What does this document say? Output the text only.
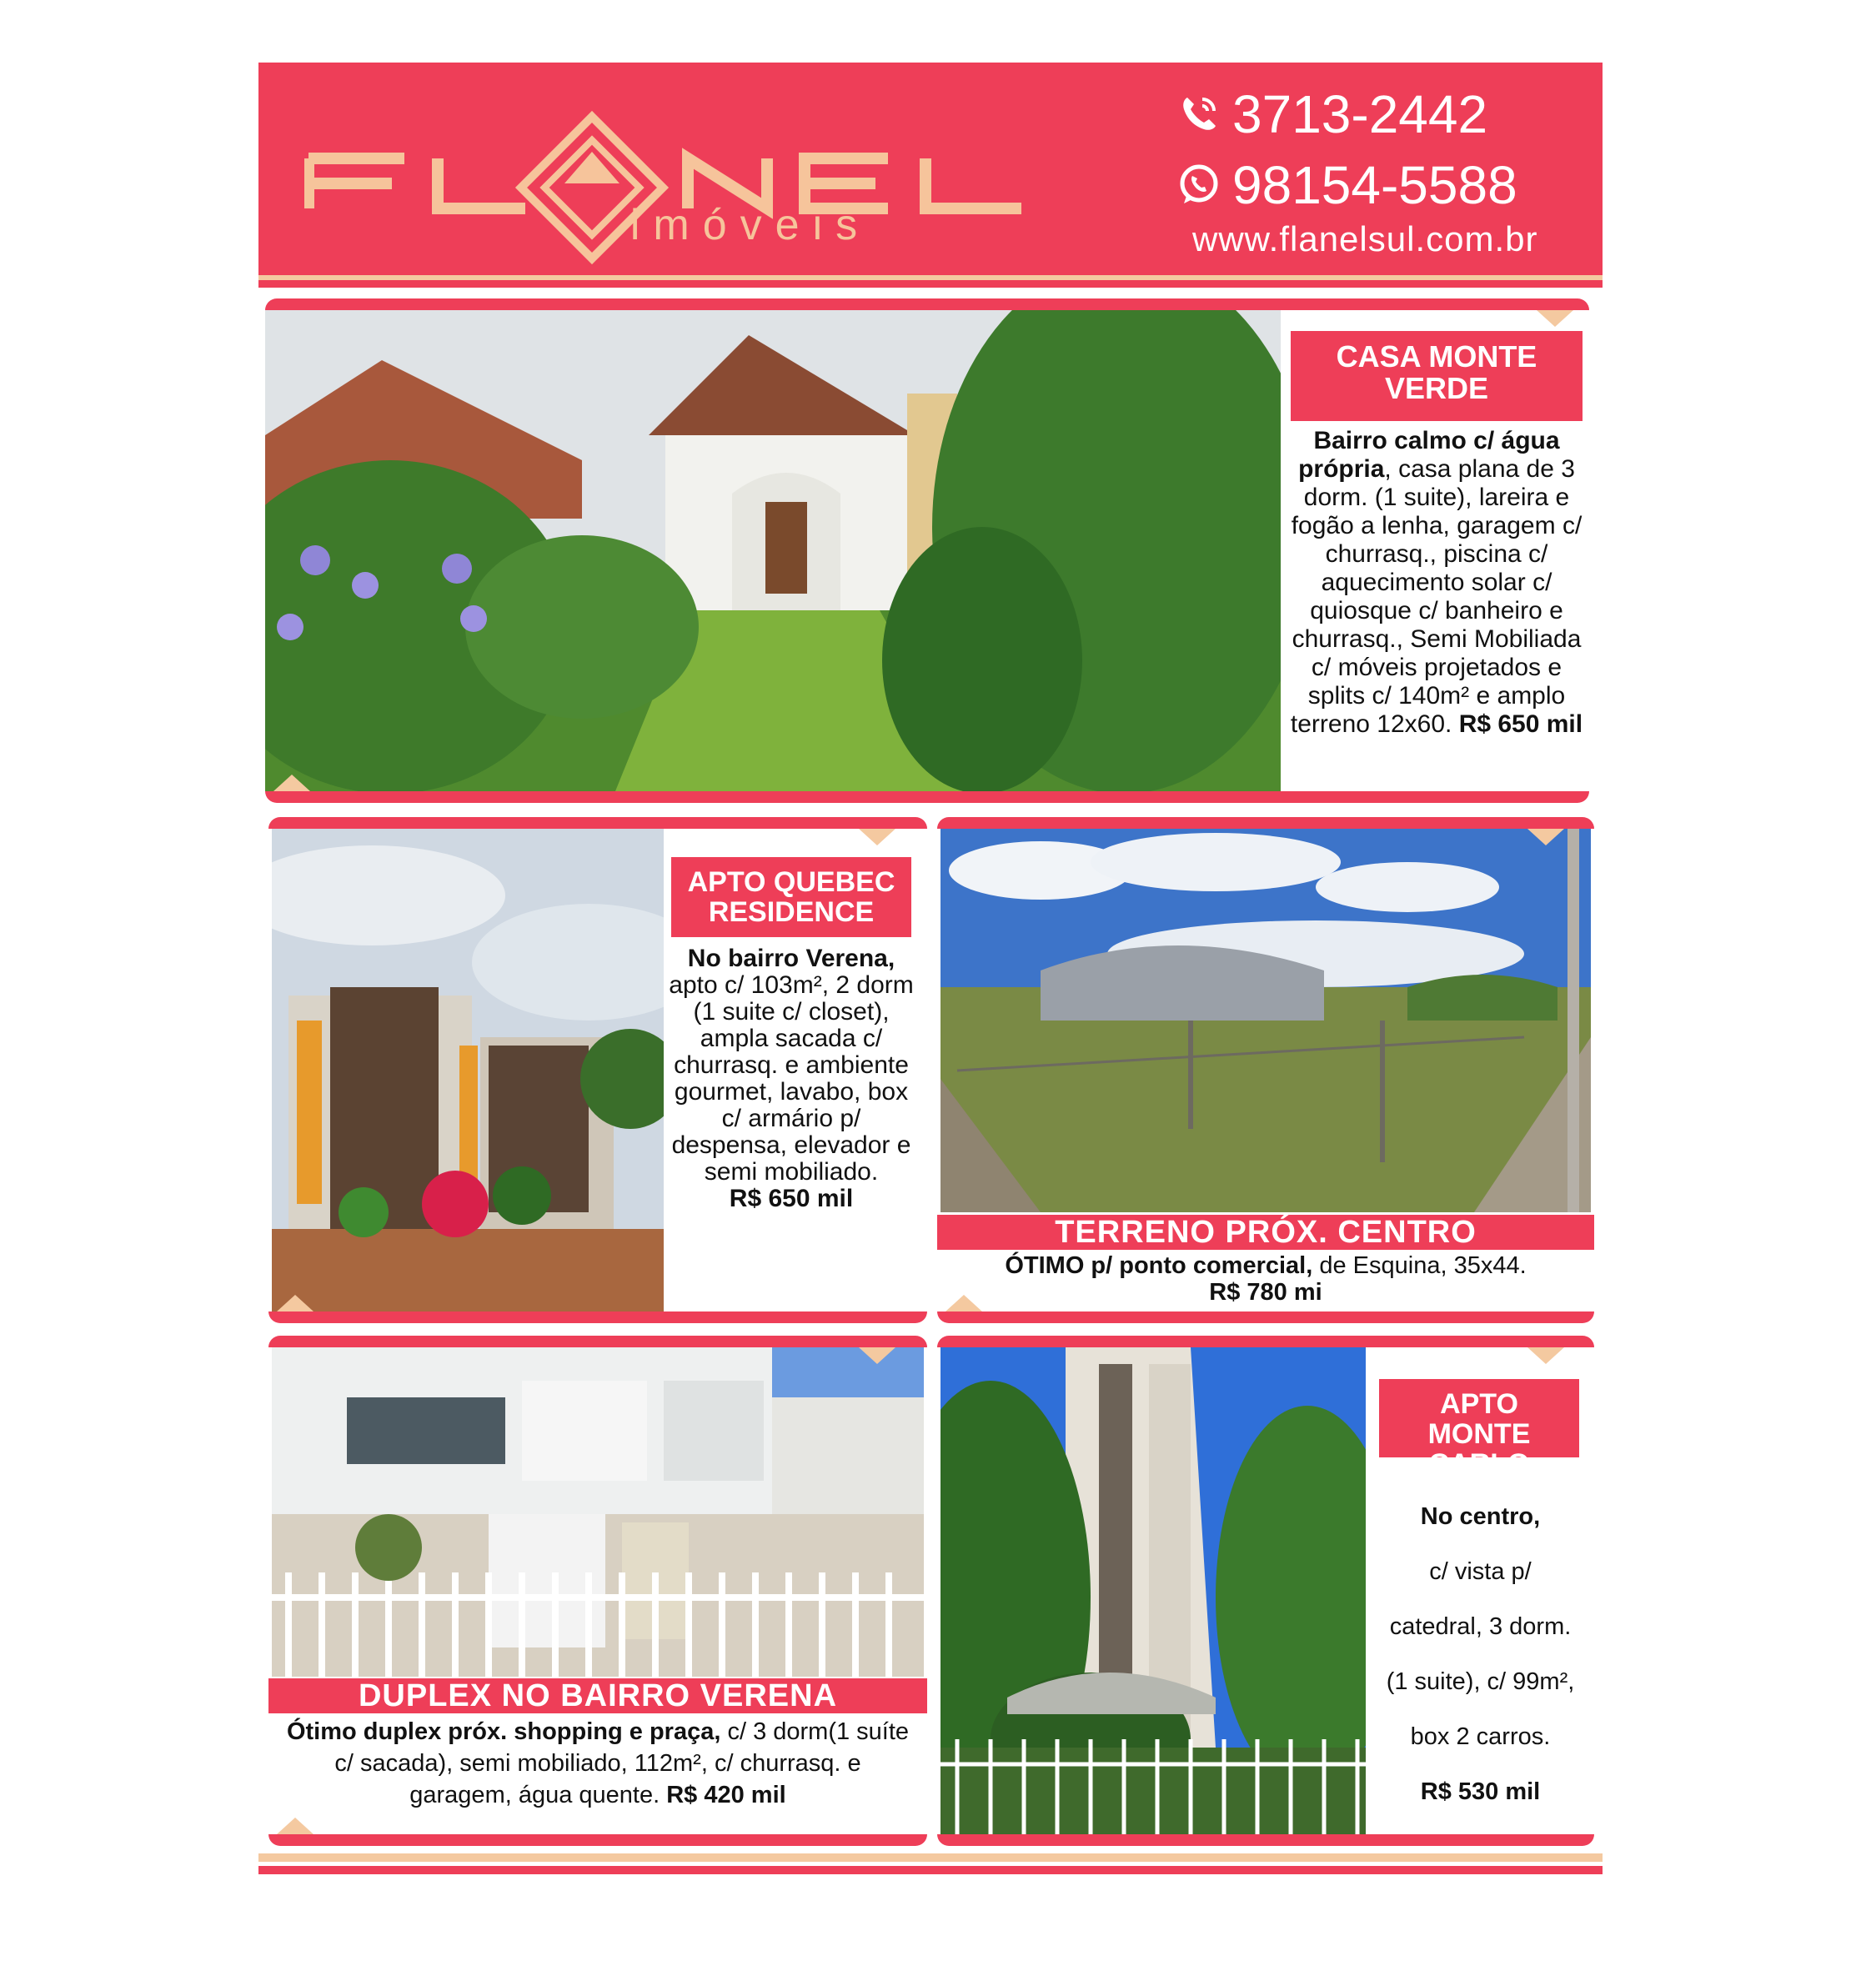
imóveis
3713-2442
98154-5588
www.flanelsul.com.br
CASA MONTE VERDE
Bairro calmo c/ água própria, casa plana de 3 dorm. (1 suite), lareira e fogão a lenha, garagem c/ churrasq., piscina c/ aquecimento solar c/ quiosque c/ banheiro e churrasq., Semi Mobiliada c/ móveis projetados e splits c/ 140m² e amplo terreno 12x60. R$ 650 mil
APTO QUEBEC RESIDENCE
No bairro Verena, apto c/ 103m², 2 dorm (1 suite c/ closet), ampla sacada c/ churrasq. e ambiente gourmet, lavabo, box c/ armário p/ despensa, elevador e semi mobiliado.
R$ 650 mil
TERRENO PRÓX. CENTRO
ÓTIMO p/ ponto comercial, de Esquina, 35x44.
R$ 780 mi
DUPLEX NO BAIRRO VERENA
Ótimo duplex próx. shopping e praça, c/ 3 dorm(1 suíte c/ sacada), semi mobiliado, 112m², c/ churrasq. e garagem, água quente. R$ 420 mil
APTO MONTE CARLO
No centro,
c/ vista p/
catedral, 3 dorm.
(1 suite), c/ 99m²,
box 2 carros.
R$ 530 mil
